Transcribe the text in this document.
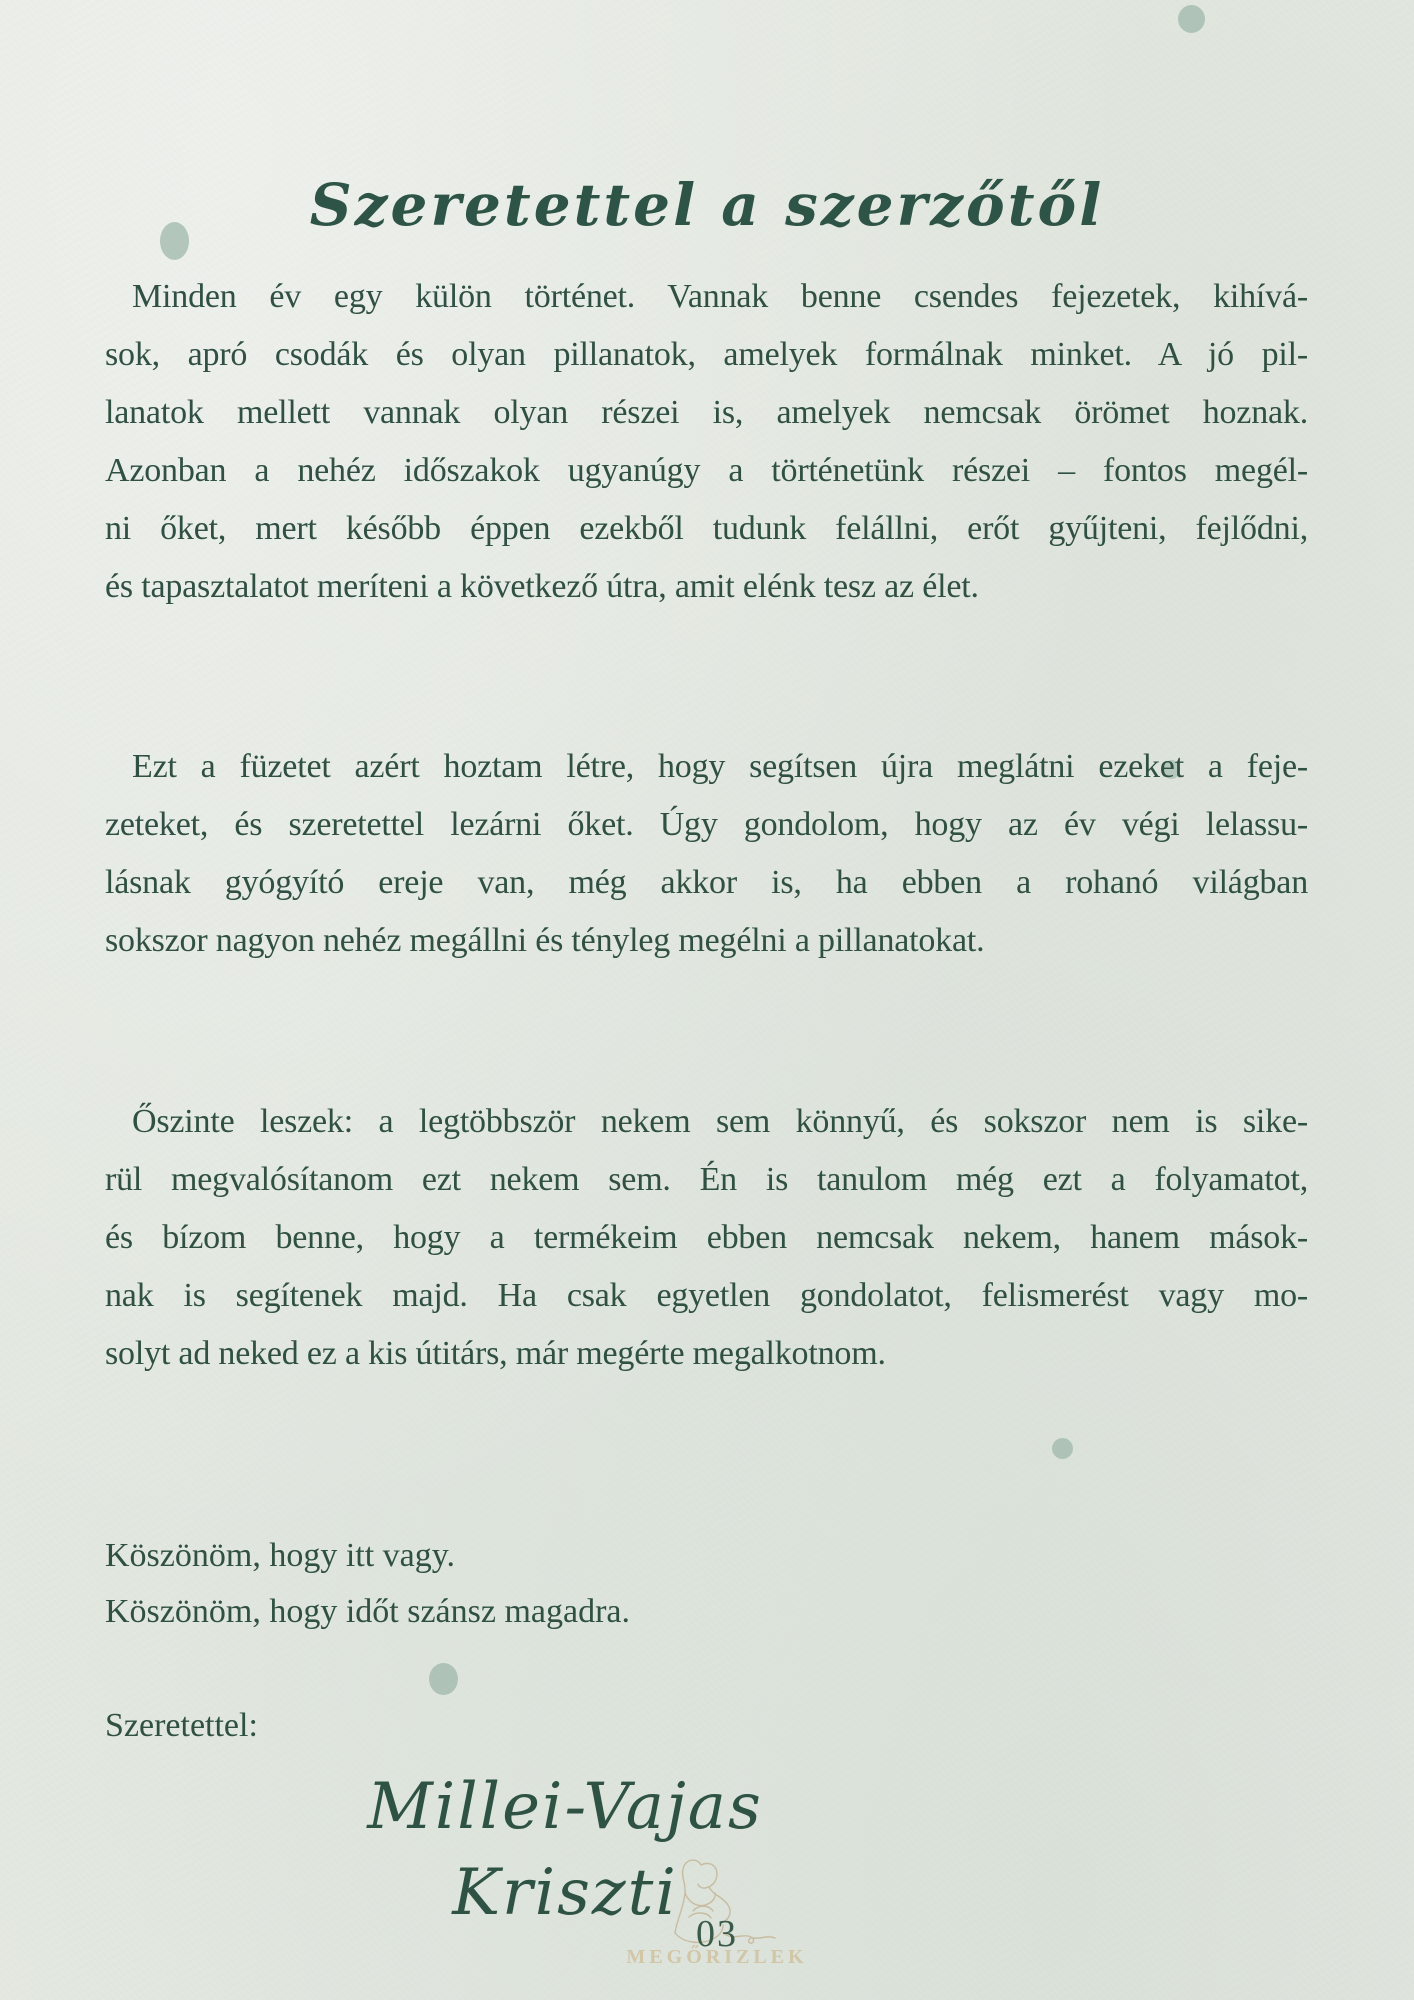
Szeretettel a szerzőtől
Minden év egy külön történet. Vannak benne csendes fejezetek, kihívá-
sok, apró csodák és olyan pillanatok, amelyek formálnak minket. A jó pil-
lanatok mellett vannak olyan részei is, amelyek nemcsak örömet hoznak.
Azonban a nehéz időszakok ugyanúgy a történetünk részei – fontos megél-
ni őket, mert később éppen ezekből tudunk felállni, erőt gyűjteni, fejlődni,
és tapasztalatot meríteni a következő útra, amit elénk tesz az élet.
Ezt a füzetet azért hoztam létre, hogy segítsen újra meglátni ezeket a feje-
zeteket, és szeretettel lezárni őket. Úgy gondolom, hogy az év végi lelassu-
lásnak gyógyító ereje van, még akkor is, ha ebben a rohanó világban
sokszor nagyon nehéz megállni és tényleg megélni a pillanatokat.
Őszinte leszek: a legtöbbször nekem sem könnyű, és sokszor nem is sike-
rül megvalósítanom ezt nekem sem. Én is tanulom még ezt a folyamatot,
és bízom benne, hogy a termékeim ebben nemcsak nekem, hanem mások-
nak is segítenek majd. Ha csak egyetlen gondolatot, felismerést vagy mo-
solyt ad neked ez a kis útitárs, már megérte megalkotnom.
Köszönöm, hogy itt vagy.
Köszönöm, hogy időt szánsz magadra.
Szeretettel:
Millei-Vajas Kriszti
03
MEGŐRIZLEK
